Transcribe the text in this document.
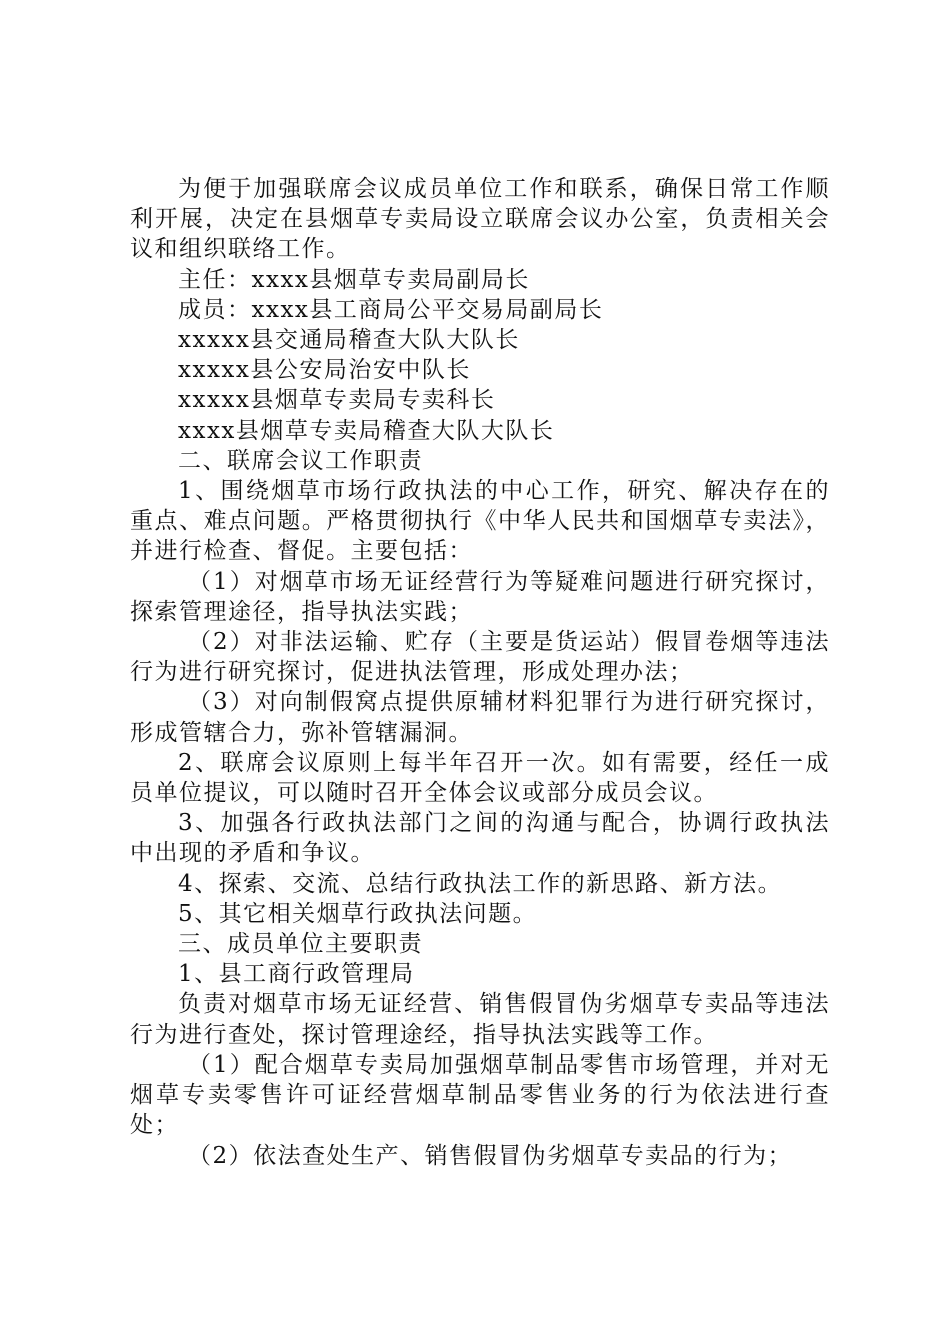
为便于加强联席会议成员单位工作和联系，确保日常工作顺利开展，决定在县烟草专卖局设立联席会议办公室，负责相关会议和组织联络工作。

主任：xxxx县烟草专卖局副局长

成员：xxxx县工商局公平交易局副局长

xxxxx县交通局稽查大队大队长

xxxxx县公安局治安中队长

xxxxx县烟草专卖局专卖科长

xxxx县烟草专卖局稽查大队大队长

二、联席会议工作职责

1、围绕烟草市场行政执法的中心工作，研究、解决存在的重点、难点问题。严格贯彻执行《中华人民共和国烟草专卖法》，并进行检查、督促。主要包括：

（1）对烟草市场无证经营行为等疑难问题进行研究探讨，探索管理途径，指导执法实践；

（2）对非法运输、贮存（主要是货运站）假冒卷烟等违法行为进行研究探讨，促进执法管理，形成处理办法；

（3）对向制假窝点提供原辅材料犯罪行为进行研究探讨，形成管辖合力，弥补管辖漏洞。

2、联席会议原则上每半年召开一次。如有需要，经任一成员单位提议，可以随时召开全体会议或部分成员会议。

3、加强各行政执法部门之间的沟通与配合，协调行政执法中出现的矛盾和争议。

4、探索、交流、总结行政执法工作的新思路、新方法。

5、其它相关烟草行政执法问题。

三、成员单位主要职责

1、县工商行政管理局

负责对烟草市场无证经营、销售假冒伪劣烟草专卖品等违法行为进行查处，探讨管理途经，指导执法实践等工作。

（1）配合烟草专卖局加强烟草制品零售市场管理，并对无烟草专卖零售许可证经营烟草制品零售业务的行为依法进行查处；

（2）依法查处生产、销售假冒伪劣烟草专卖品的行为；
